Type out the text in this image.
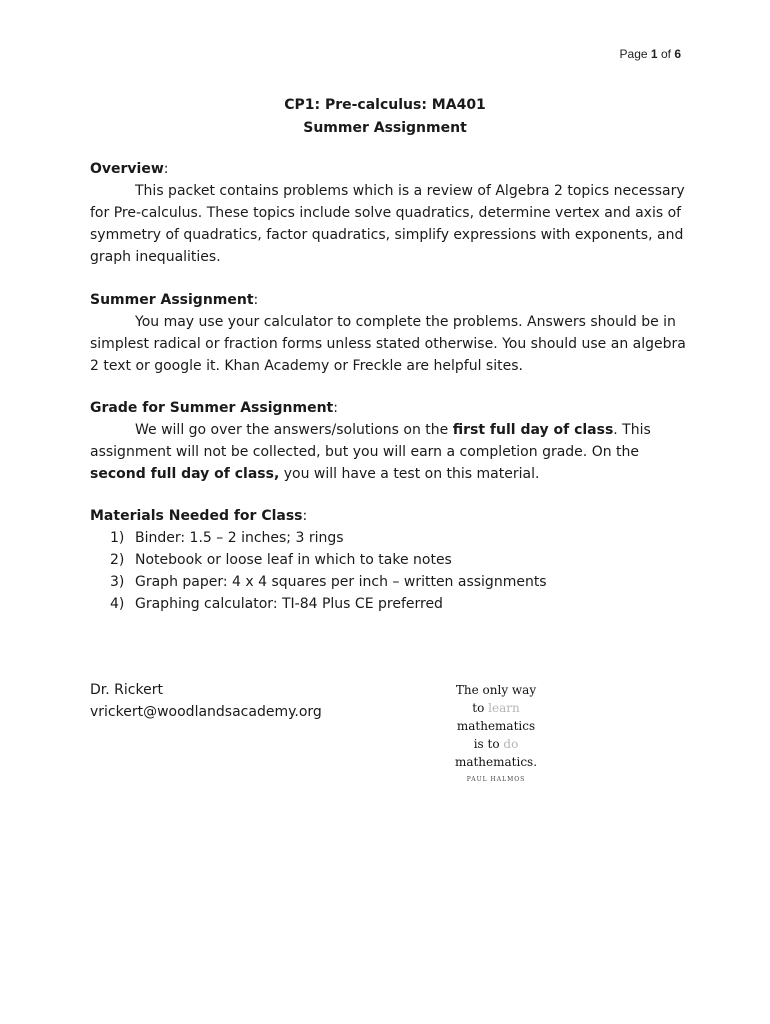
Page 1 of 6
CP1: Pre-calculus: MA401
Summer Assignment
Overview:

This packet contains problems which is a review of Algebra 2 topics necessary for Pre-calculus. These topics include solve quadratics, determine vertex and axis of symmetry of quadratics, factor quadratics, simplify expressions with exponents, and graph inequalities.

Summer Assignment:

You may use your calculator to complete the problems. Answers should be in simplest radical or fraction forms unless stated otherwise. You should use an algebra 2 text or google it. Khan Academy or Freckle are helpful sites.

Grade for Summer Assignment:

We will go over the answers/solutions on the first full day of class. This assignment will not be collected, but you will earn a completion grade. On the second full day of class, you will have a test on this material.

Materials Needed for Class:
1) Binder: 1.5 – 2 inches; 3 rings
2) Notebook or loose leaf in which to take notes
3) Graph paper: 4 x 4 squares per inch – written assignments
4) Graphing calculator: TI-84 Plus CE preferred
Dr. Rickert
vrickert@woodlandsacademy.org
The only way
to learn
mathematics
is to do
mathematics.
PAUL HALMOS
